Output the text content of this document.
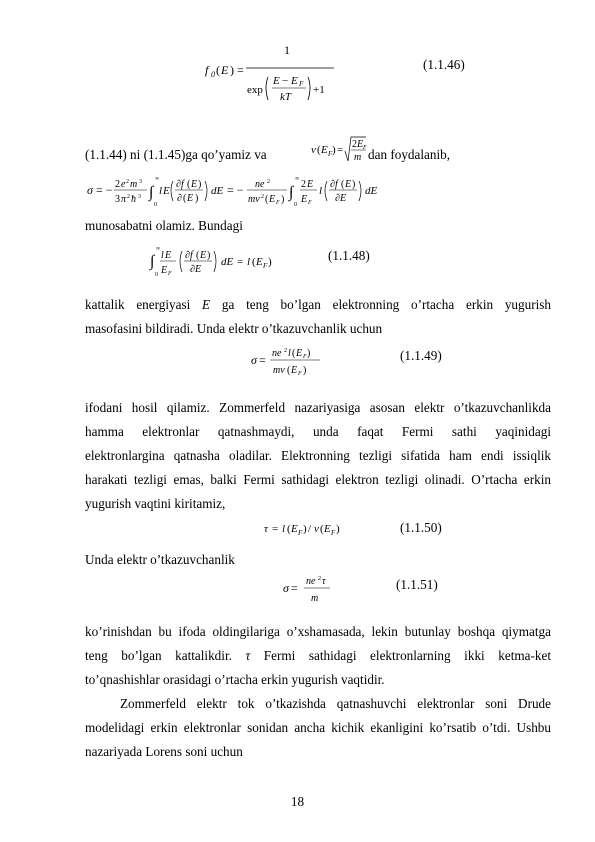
f 0 ( E ) =
1
exp
E − E F
kT
+1
(1.1.46)
(1.1.44) ni (1.1.45)ga qo’yamiz va	v ( E F ) = 2 E F
m dan foydalanib,
σ = − 2 e 2 m 3
3 π 2 ħ 3 ∫
∞
0
l E
∂f ( E )
∂ ( E )
dE = − ne 2
mv 2 ( E F ) ∫
∞
0
2 E
E F
l
∂f ( E )
∂E
dE
munosabatni olamiz. Bundagi
∫
∞
0
l E
E F
∂f ( E )
∂E
dE = l ( E F )	(1.1.48)
kattalik energiyasi E ga teng bo’lgan elektronning o’rtacha erkin yugurish
masofasini bildiradi. Unda elektr o’tkazuvchanlik uchun
σ = ne 2 l ( E F )
mv ( E F )
(1.1.49)
ifodani hosil qilamiz. Zommerfeld nazariyasiga asosan elektr o’tkazuvchanlikda
hamma elektronlar qatnashmaydi, unda faqat Fermi sathi yaqinidagi
elektronlargina qatnasha oladilar. Elektronning tezligi sifatida ham endi issiqlik
harakati tezligi emas, balki Fermi sathidagi elektron tezligi olinadi. O’rtacha erkin
yugurish vaqtini kiritamiz,
τ = l ( E F ) / v ( E F )	(1.1.50)
Unda elektr o’tkazuvchanlik
σ = ne 2 τ
m
(1.1.51)
ko’rinishdan bu ifoda oldingilariga o’xshamasada, lekin butunlay boshqa qiymatga
teng bo’lgan kattalikdir. τ Fermi sathidagi elektronlarning ikki ketma-ket
to’qnashishlar orasidagi o’rtacha erkin yugurish vaqtidir.
Zommerfeld elektr tok o’tkazishda qatnashuvchi elektronlar soni Drude
modelidagi erkin elektronlar sonidan ancha kichik ekanligini ko’rsatib o’tdi. Ushbu
nazariyada Lorens soni uchun
18
